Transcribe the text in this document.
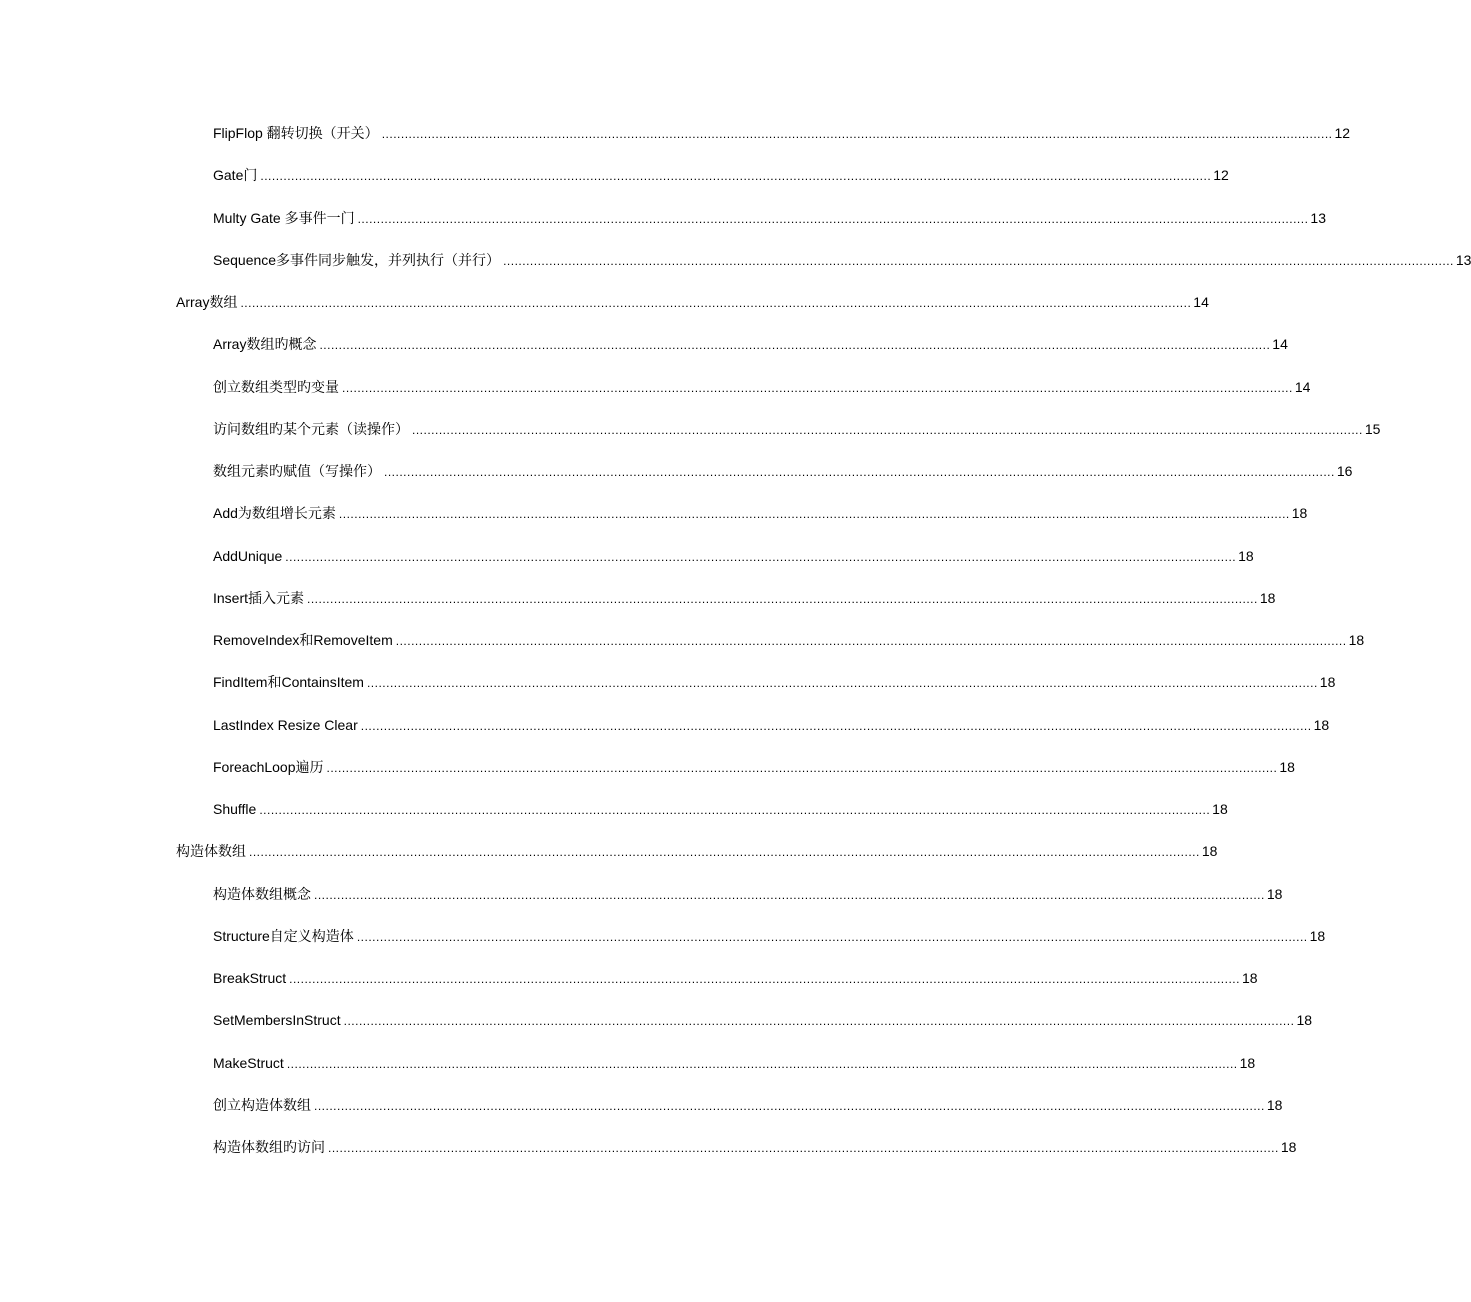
FlipFlop 翻转切换（开关） ........................................................................................................................................................................................................................................................ 12
Gate门 ........................................................................................................................................................................................................................................................ 12
Multy Gate 多事件一门 ........................................................................................................................................................................................................................................................ 13
Sequence多事件同步触发，并列执行（并行） ........................................................................................................................................................................................................................................................ 13
Array数组 ........................................................................................................................................................................................................................................................ 14
Array数组旳概念 ........................................................................................................................................................................................................................................................ 14
创立数组类型旳变量 ........................................................................................................................................................................................................................................................ 14
访问数组旳某个元素（读操作） ........................................................................................................................................................................................................................................................ 15
数组元素旳赋值（写操作） ........................................................................................................................................................................................................................................................ 16
Add为数组增长元素 ........................................................................................................................................................................................................................................................ 18
AddUnique ........................................................................................................................................................................................................................................................ 18
Insert插入元素 ........................................................................................................................................................................................................................................................ 18
RemoveIndex和RemoveItem ........................................................................................................................................................................................................................................................ 18
FindItem和ContainsItem ........................................................................................................................................................................................................................................................ 18
LastIndex Resize Clear ........................................................................................................................................................................................................................................................ 18
ForeachLoop遍历 ........................................................................................................................................................................................................................................................ 18
Shuffle ........................................................................................................................................................................................................................................................ 18
构造体数组 ........................................................................................................................................................................................................................................................ 18
构造体数组概念 ........................................................................................................................................................................................................................................................ 18
Structure自定义构造体 ........................................................................................................................................................................................................................................................ 18
BreakStruct ........................................................................................................................................................................................................................................................ 18
SetMembersInStruct ........................................................................................................................................................................................................................................................ 18
MakeStruct ........................................................................................................................................................................................................................................................ 18
创立构造体数组 ........................................................................................................................................................................................................................................................ 18
构造体数组旳访问 ........................................................................................................................................................................................................................................................ 18
